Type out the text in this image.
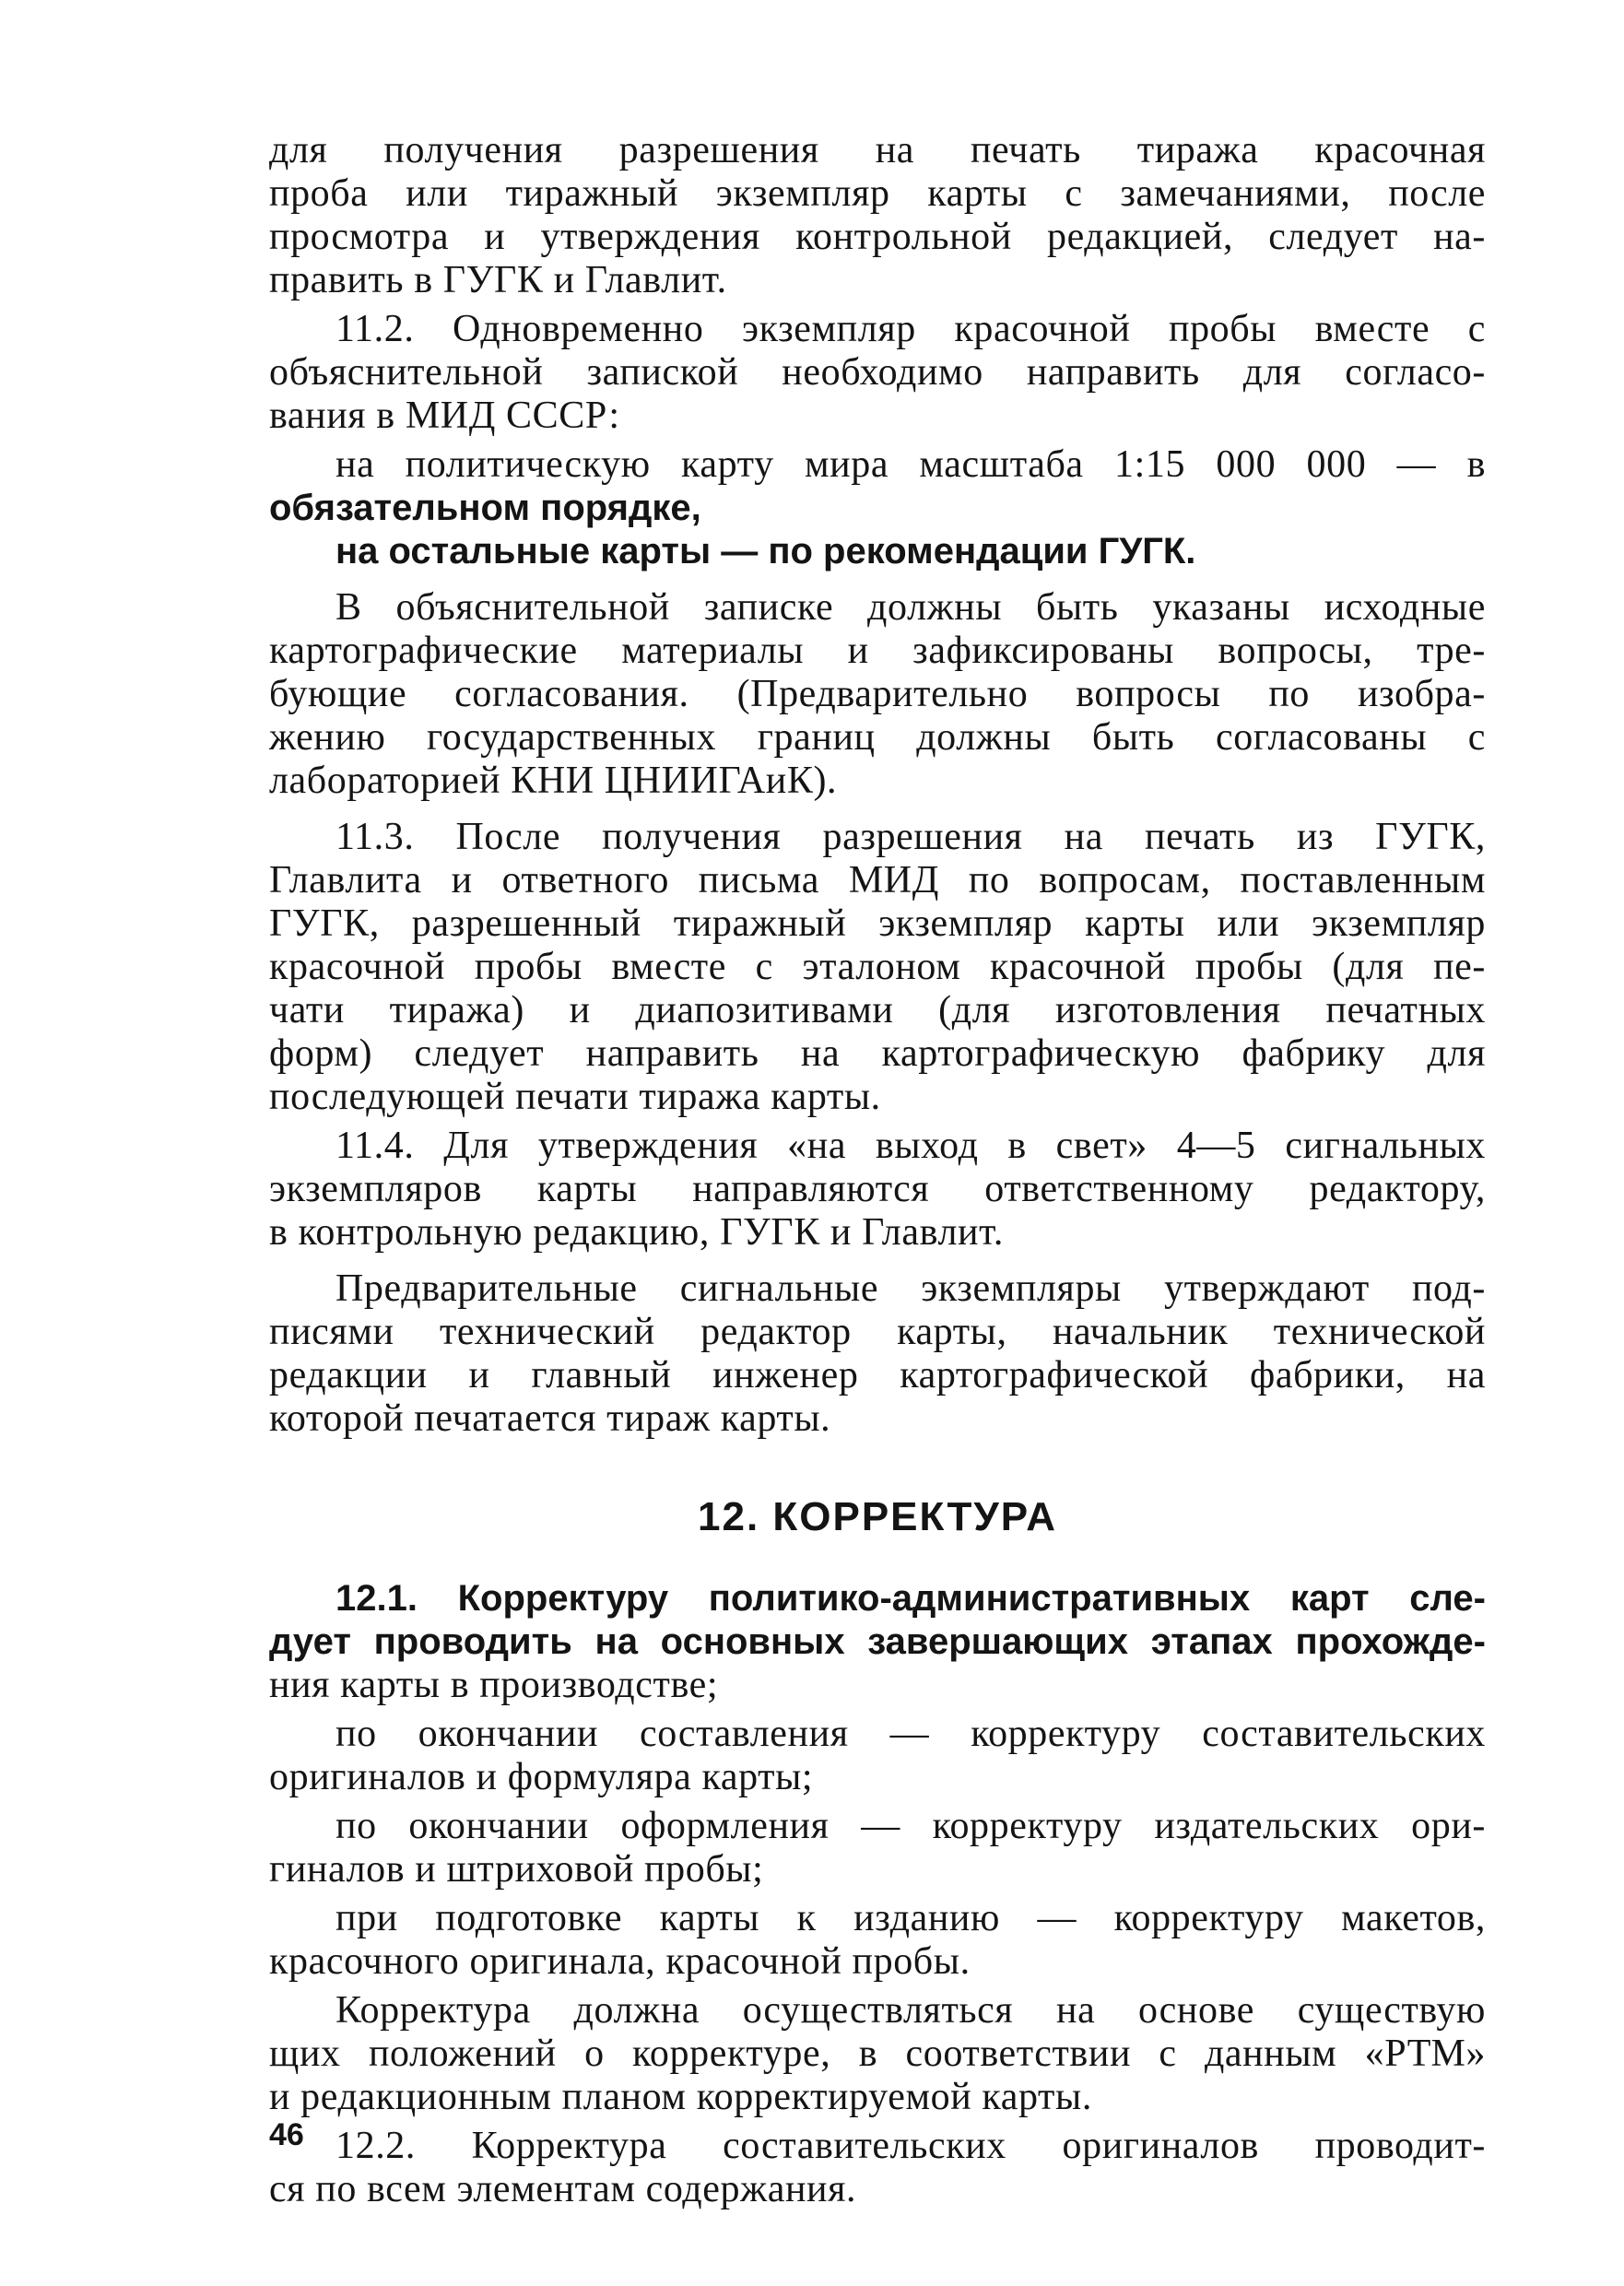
для получения разрешения на печать тиража красочная
проба или тиражный экземпляр карты с замечаниями, после
просмотра и утверждения контрольной редакцией, следует на-
править в ГУГК и Главлит.
11.2. Одновременно экземпляр красочной пробы вместе с
объяснительной запиской необходимо направить для согласо-
вания в МИД СССР:
на политическую карту мира масштаба 1:15 000 000 — в
обязательном порядке,
на остальные карты — по рекомендации ГУГК.
В объяснительной записке должны быть указаны исходные
картографические материалы и зафиксированы вопросы, тре-
бующие согласования. (Предварительно вопросы по изобра-
жению государственных границ должны быть согласованы с
лабораторией КНИ ЦНИИГАиК).
11.3. После получения разрешения на печать из ГУГК,
Главлита и ответного письма МИД по вопросам, поставленным
ГУГК, разрешенный тиражный экземпляр карты или экземпляр
красочной пробы вместе с эталоном красочной пробы (для пе-
чати тиража) и диапозитивами (для изготовления печатных
форм) следует направить на картографическую фабрику для
последующей печати тиража карты.
11.4. Для утверждения «на выход в свет» 4—5 сигнальных
экземпляров карты направляются ответственному редактору,
в контрольную редакцию, ГУГК и Главлит.
Предварительные сигнальные экземпляры утверждают под-
писями технический редактор карты, начальник технической
редакции и главный инженер картографической фабрики, на
которой печатается тираж карты.
12. КОРРЕКТУРА
12.1. Корректуру политико-административных карт сле-
дует проводить на основных завершающих этапах прохожде-
ния карты в производстве;
по окончании составления — корректуру составительских
оригиналов и формуляра карты;
по окончании оформления — корректуру издательских ори-
гиналов и штриховой пробы;
при подготовке карты к изданию — корректуру макетов,
красочного оригинала, красочной пробы.
Корректура должна осуществляться на основе существую
щих положений о корректуре, в соответствии с данным «РТМ»
и редакционным планом корректируемой карты.
12.2. Корректура составительских оригиналов проводит-
ся по всем элементам содержания.
46
